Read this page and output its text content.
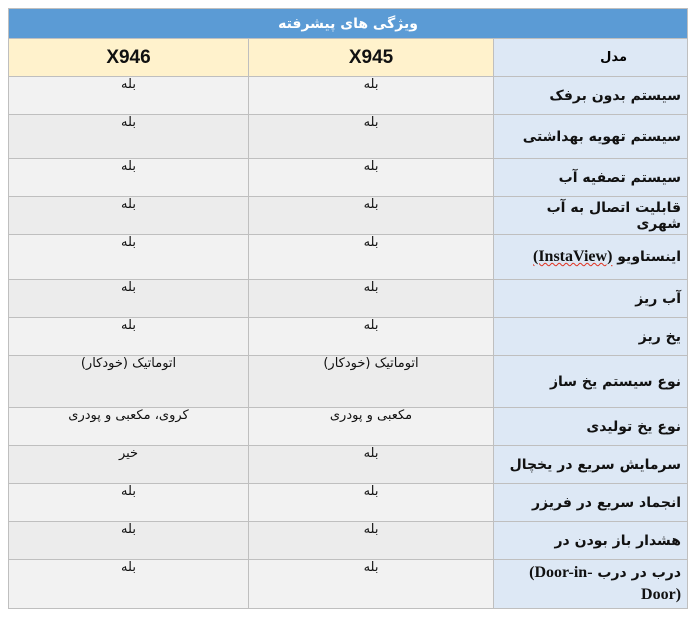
ویژگی های پیشرفته		
مدل	X945	X946
سیستم بدون برفک	بله	بله
سیستم تهویه بهداشتی	بله	بله
سیستم تصفیه آب	بله	بله
قابلیت اتصال به آب شهری	بله	بله
اینستاویو (InstaView)	بله	بله
آب ریز	بله	بله
یخ ریز	بله	بله
نوع سیستم یخ ساز	اتوماتیک (خودکار)	اتوماتیک (خودکار)
نوع یخ تولیدی	مکعبی و پودری	کروی، مکعبی و پودری
سرمایش سریع در یخچال	بله	خیر
انجماد سریع در فریزر	بله	بله
هشدار باز بودن در	بله	بله
درب در درب (Door-in-Door)	بله	بله
